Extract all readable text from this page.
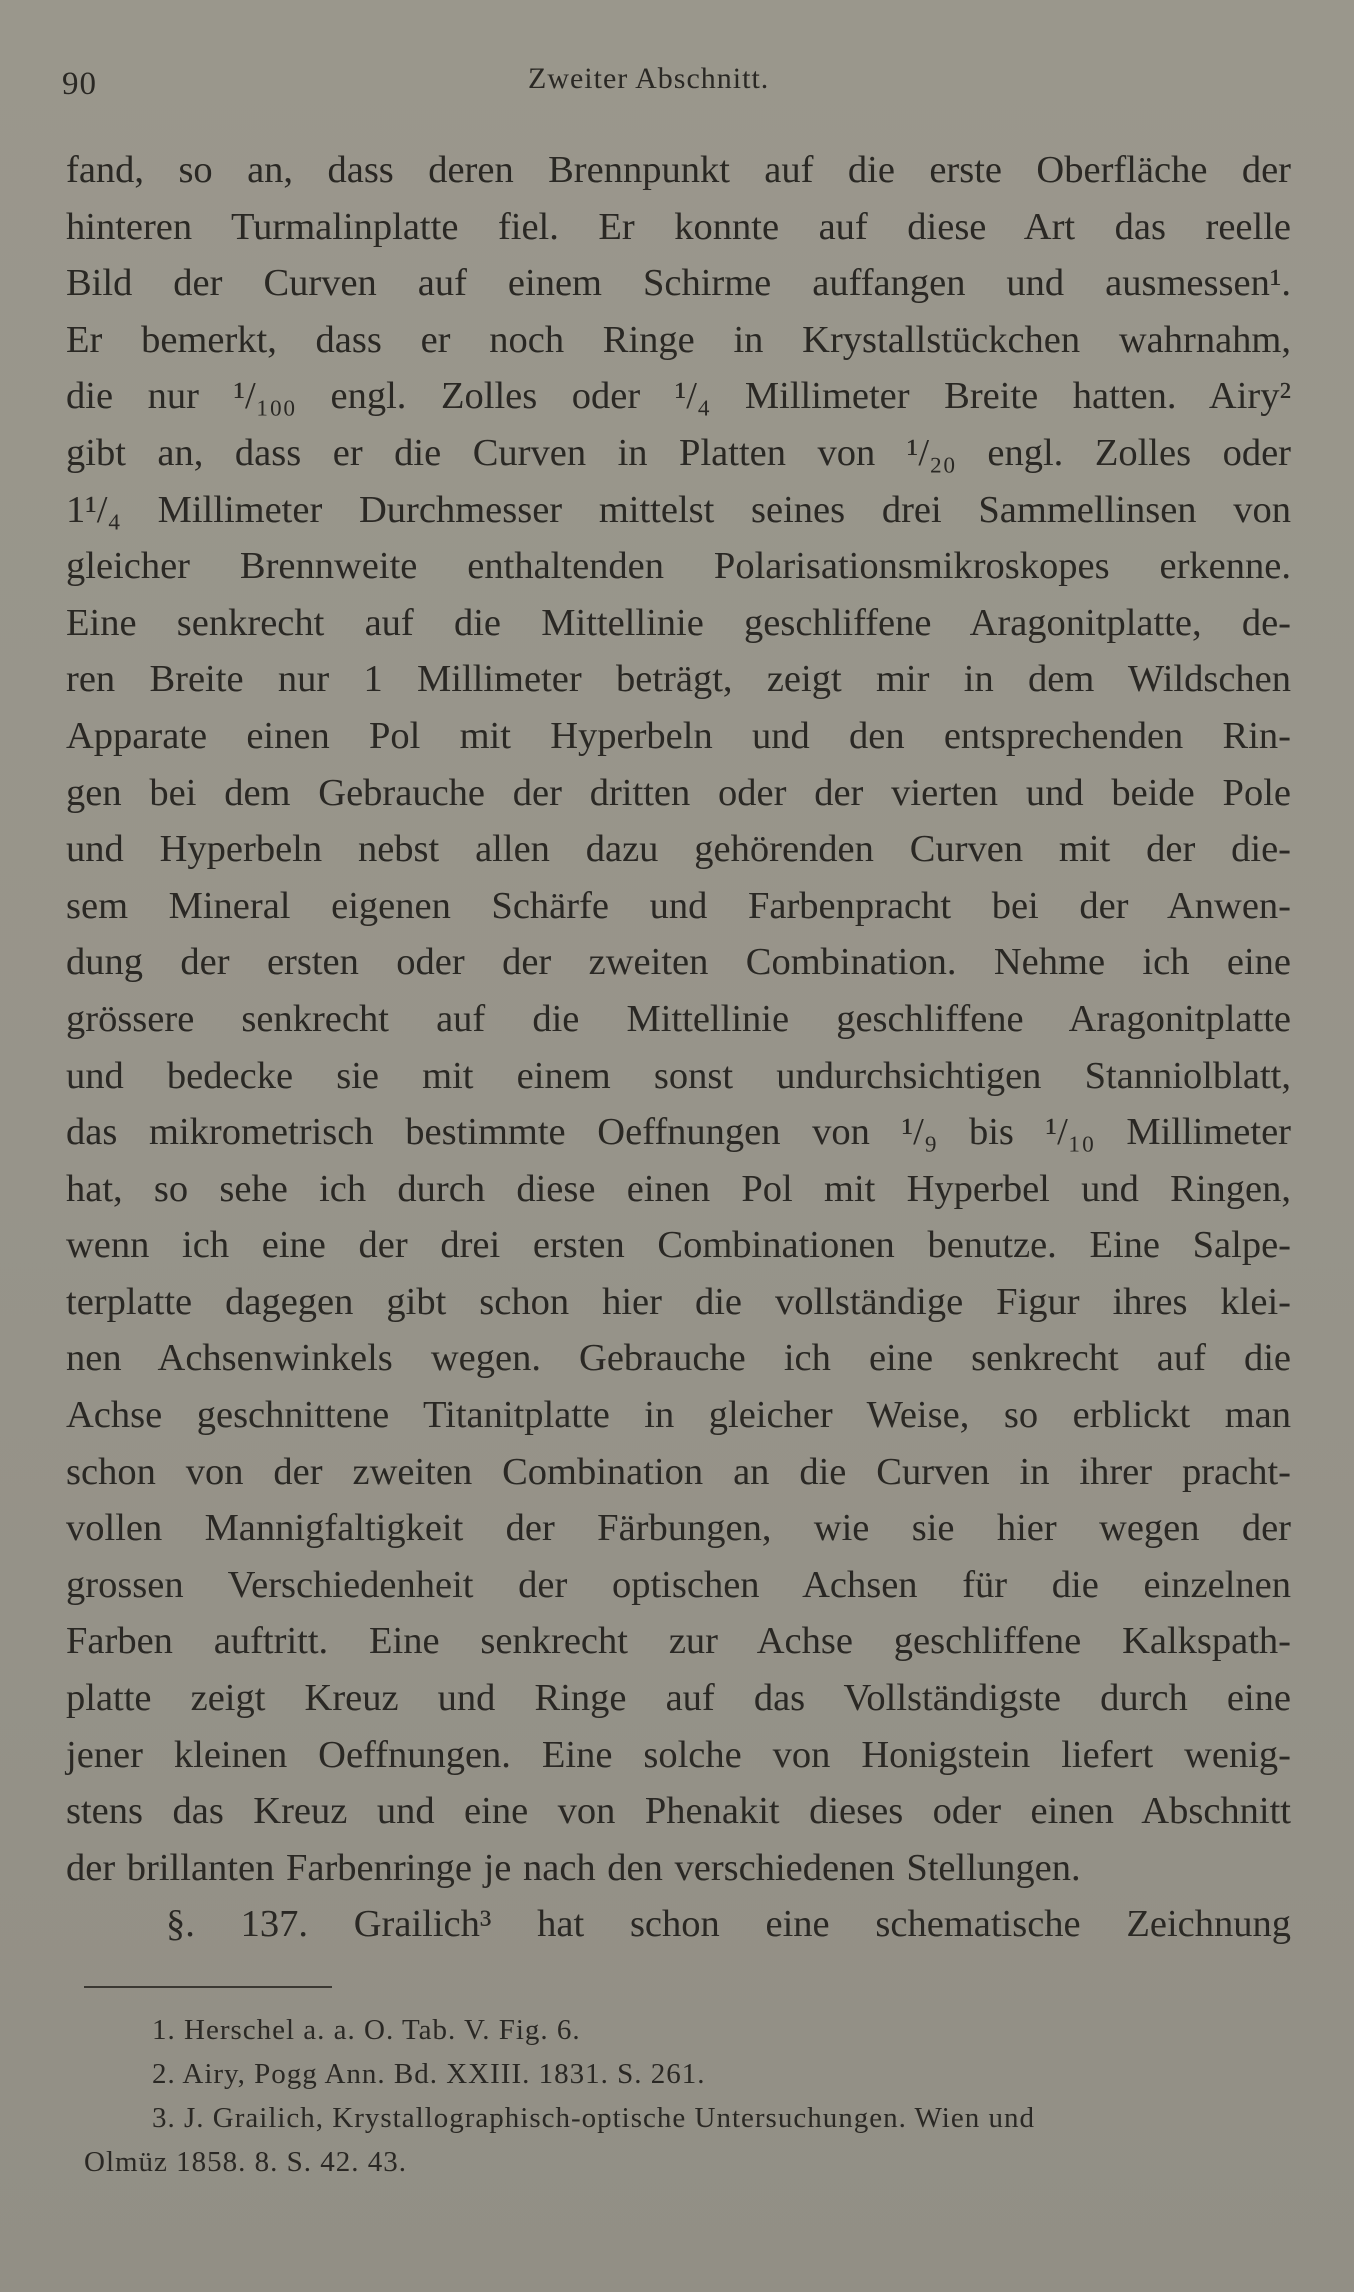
90	Zweiter Abschnitt.
fand, so an, dass deren Brennpunkt auf die erste Oberfläche der
hinteren Turmalinplatte fiel. Er konnte auf diese Art das reelle
Bild der Curven auf einem Schirme auffangen und ausmessen¹.
Er bemerkt, dass er noch Ringe in Krystallstückchen wahrnahm,
die nur ¹/₁₀₀ engl. Zolles oder ¹/₄ Millimeter Breite hatten. Airy²
gibt an, dass er die Curven in Platten von ¹/₂₀ engl. Zolles oder
1¹/₄ Millimeter Durchmesser mittelst seines drei Sammellinsen von
gleicher Brennweite enthaltenden Polarisationsmikroskopes erkenne.
Eine senkrecht auf die Mittellinie geschliffene Aragonitplatte, de-
ren Breite nur 1 Millimeter beträgt, zeigt mir in dem Wildschen
Apparate einen Pol mit Hyperbeln und den entsprechenden Rin-
gen bei dem Gebrauche der dritten oder der vierten und beide Pole
und Hyperbeln nebst allen dazu gehörenden Curven mit der die-
sem Mineral eigenen Schärfe und Farbenpracht bei der Anwen-
dung der ersten oder der zweiten Combination. Nehme ich eine
grössere senkrecht auf die Mittellinie geschliffene Aragonitplatte
und bedecke sie mit einem sonst undurchsichtigen Stanniolblatt,
das mikrometrisch bestimmte Oeffnungen von ¹/₉ bis ¹/₁₀ Millimeter
hat, so sehe ich durch diese einen Pol mit Hyperbel und Ringen,
wenn ich eine der drei ersten Combinationen benutze. Eine Salpe-
terplatte dagegen gibt schon hier die vollständige Figur ihres klei-
nen Achsenwinkels wegen. Gebrauche ich eine senkrecht auf die
Achse geschnittene Titanitplatte in gleicher Weise, so erblickt man
schon von der zweiten Combination an die Curven in ihrer pracht-
vollen Mannigfaltigkeit der Färbungen, wie sie hier wegen der
grossen Verschiedenheit der optischen Achsen für die einzelnen
Farben auftritt. Eine senkrecht zur Achse geschliffene Kalkspath-
platte zeigt Kreuz und Ringe auf das Vollständigste durch eine
jener kleinen Oeffnungen. Eine solche von Honigstein liefert wenig-
stens das Kreuz und eine von Phenakit dieses oder einen Abschnitt
der brillanten Farbenringe je nach den verschiedenen Stellungen.
§. 137. Grailich³ hat schon eine schematische Zeichnung
1. Herschel a. a. O. Tab. V. Fig. 6.
2. Airy, Pogg Ann. Bd. XXIII. 1831. S. 261.
3. J. Grailich, Krystallographisch-optische Untersuchungen. Wien und
Olmüz 1858. 8. S. 42. 43.
